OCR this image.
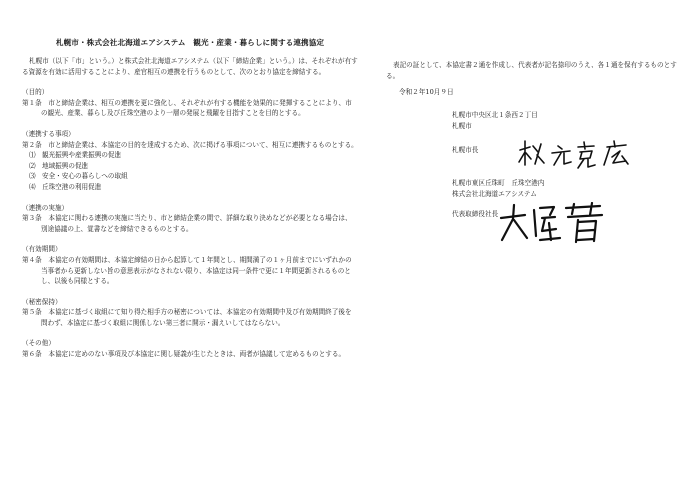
札幌市・株式会社北海道エアシステム　観光・産業・暮らしに関する連携協定
札幌市（以下「市」という。）と株式会社北海道エアシステム（以下「締結企業」という。）は、それぞれが有する資源を有効に活用することにより、産官相互の連携を行うものとして、次のとおり協定を締結する。
（目的）
第１条　市と締結企業は、相互の連携を更に強化し、それぞれが有する機能を効果的に発揮することにより、市の観光、産業、暮らし及び丘珠空港のより一層の発展と飛躍を目指すことを目的とする。
（連携する事項）
第２条　市と締結企業は、本協定の目的を達成するため、次に掲げる事項について、相互に連携するものとする。
⑴ 観光振興や産業振興の促進
⑵ 地域振興の促進
⑶ 安全・安心の暮らしへの取組
⑷ 丘珠空港の利用促進
（連携の実施）
第３条　本協定に関わる連携の実施に当たり、市と締結企業の間で、詳細な取り決めなどが必要となる場合は、別途協議の上、覚書などを締結できるものとする。
（有効期間）
第４条　本協定の有効期間は、本協定締結の日から起算して１年間とし、期間満了の１ヶ月前までにいずれかの当事者から更新しない旨の意思表示がなされない限り、本協定は同一条件で更に１年間更新されるものとし、以後も同様とする。
（秘密保持）
第５条　本協定に基づく取組にて知り得た相手方の秘密については、本協定の有効期間中及び有効期間終了後を問わず、本協定に基づく取組に関係しない第三者に開示・漏えいしてはならない。
（その他）
第６条　本協定に定めのない事項及び本協定に関し疑義が生じたときは、両者が協議して定めるものとする。
表記の証として、本協定書２通を作成し、代表者が記名捺印のうえ、各１通を保有するものとする。
令和２年10月９日
札幌市中央区北１条西２丁目
札幌市
札幌市長
札幌市東区丘珠町　丘珠空港内
株式会社北海道エアシステム
代表取締役社長
